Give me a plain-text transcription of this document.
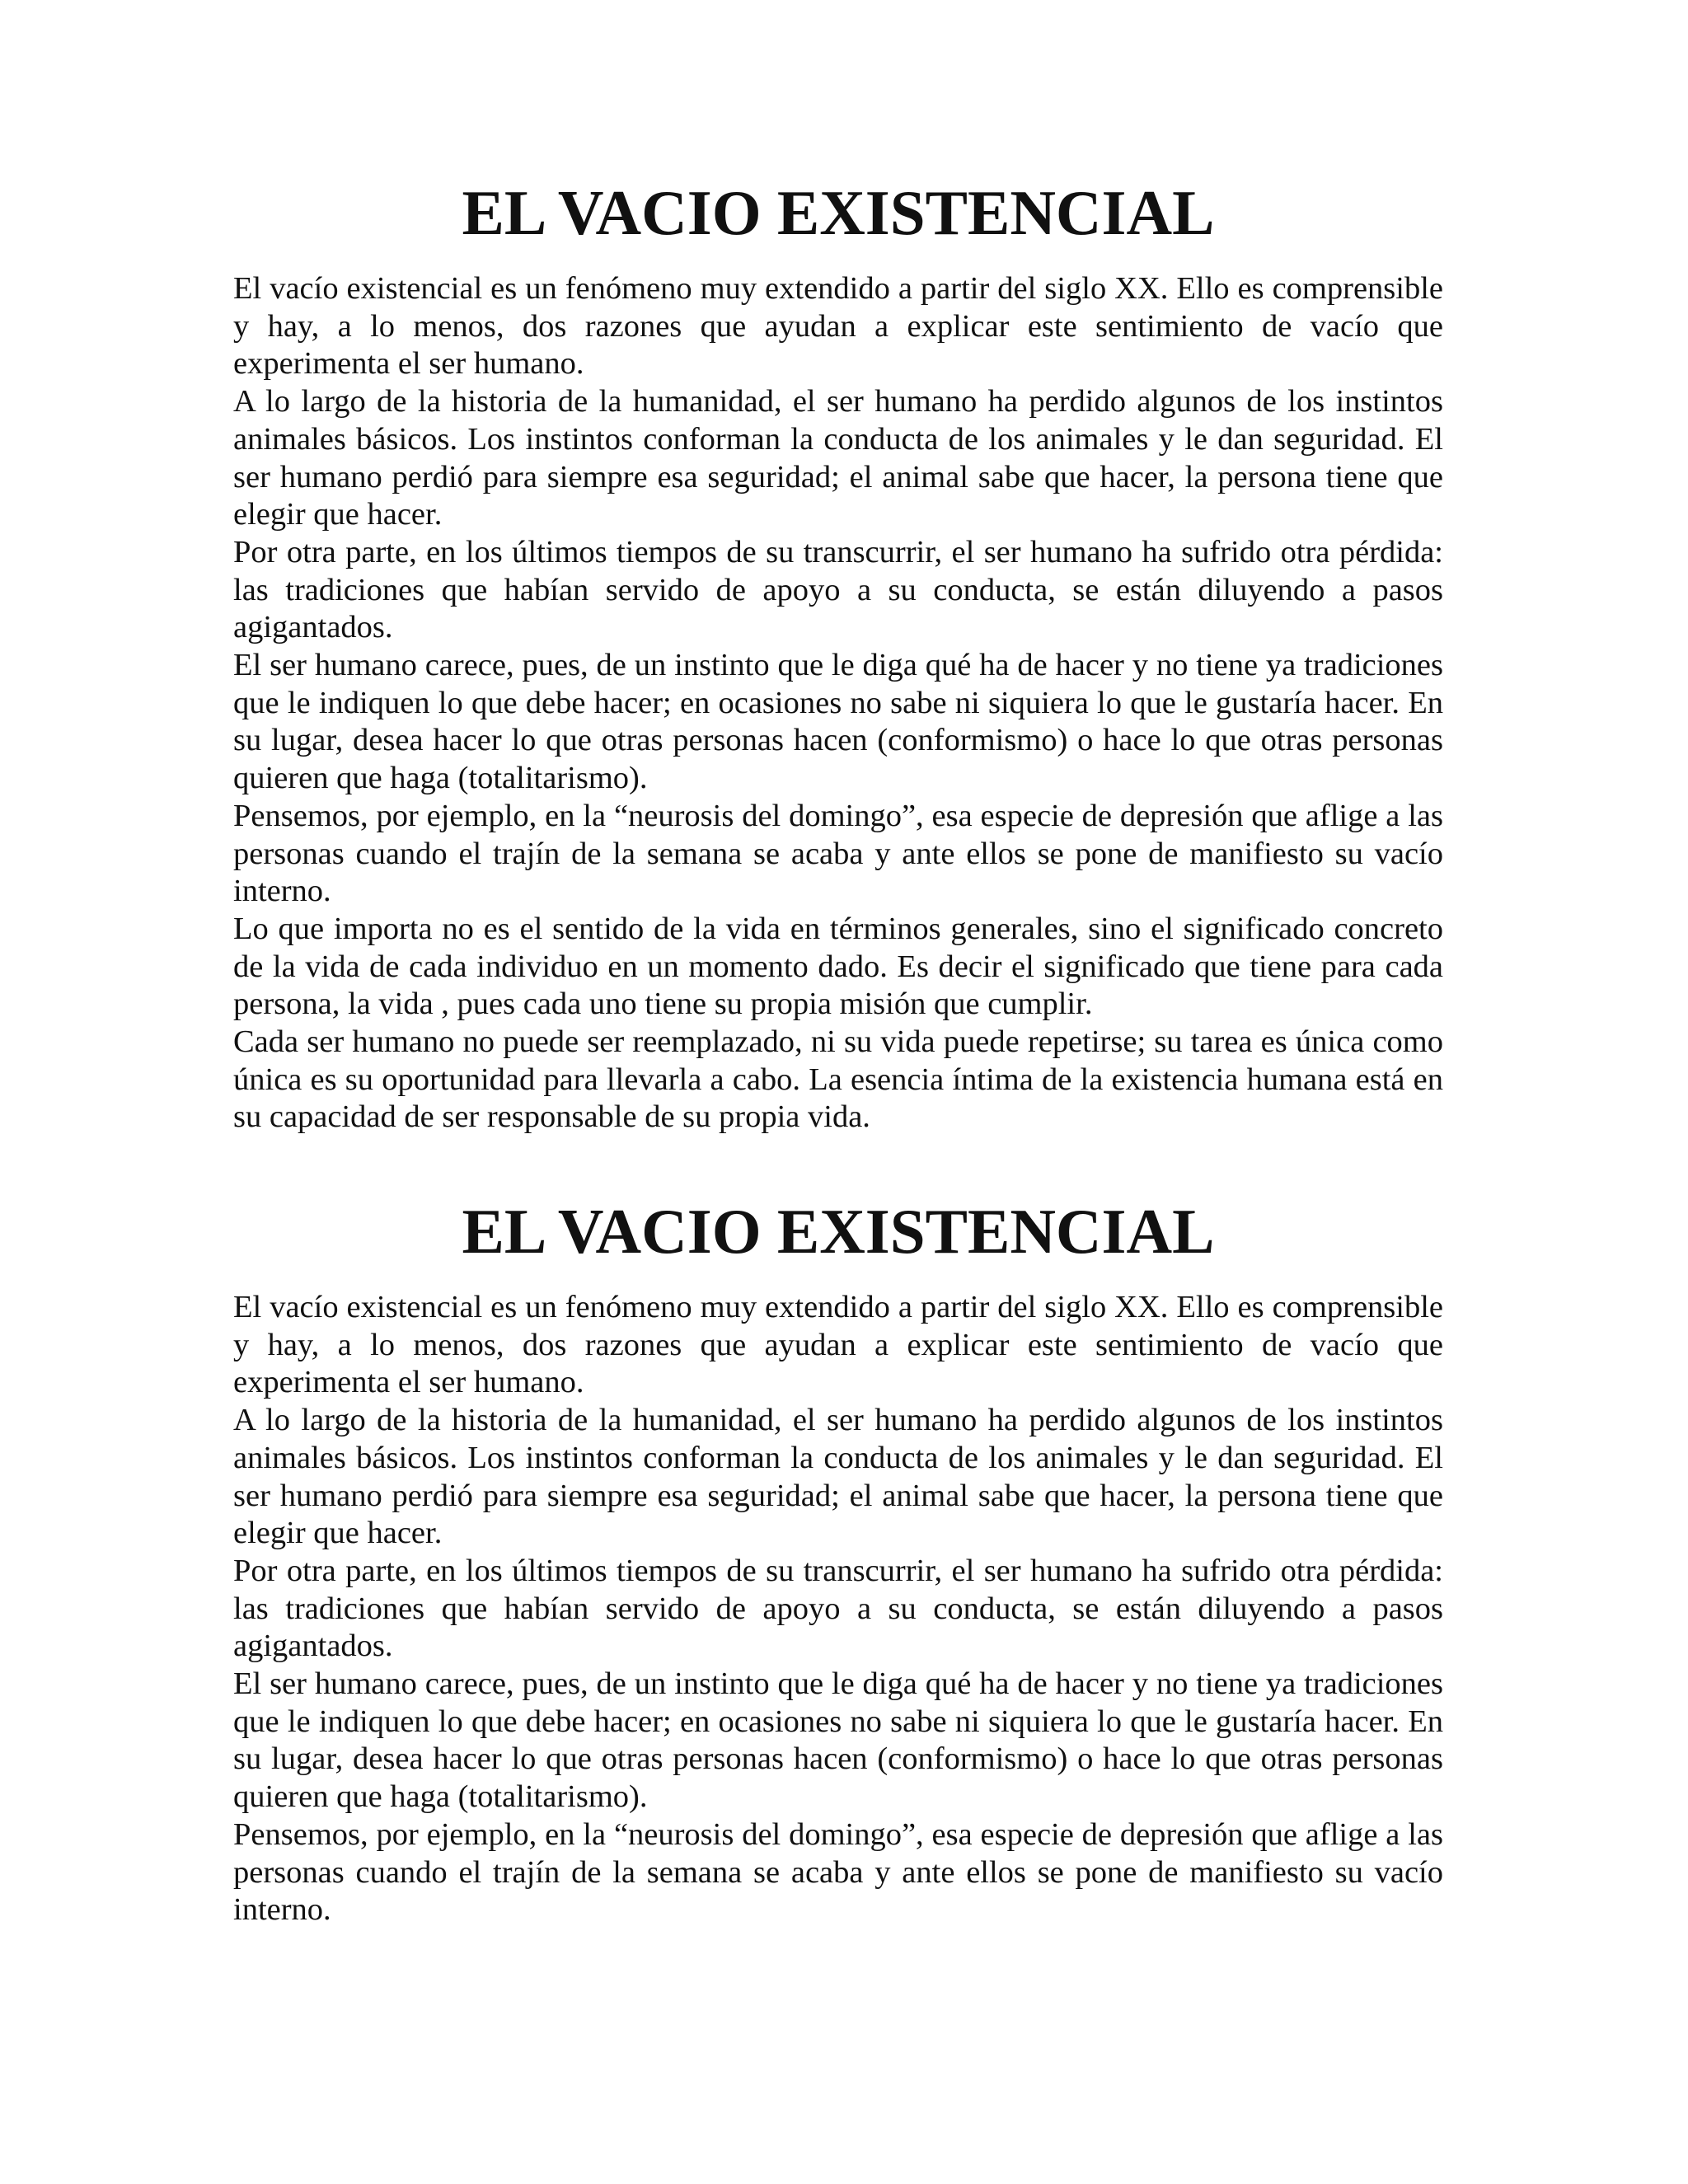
EL VACIO EXISTENCIAL

El vacío existencial es un fenómeno muy extendido a partir del siglo XX. Ello es comprensible y hay, a lo menos, dos razones que ayudan a explicar este sentimiento de vacío que experimenta el ser humano.

A lo largo de la historia de la humanidad, el ser humano ha perdido algunos de los instintos animales básicos. Los instintos conforman la conducta de los animales y le dan seguridad. El ser humano perdió para siempre esa seguridad; el animal sabe que hacer, la persona tiene que elegir que hacer.

Por otra parte, en los últimos tiempos de su transcurrir, el ser humano ha sufrido otra pérdida: las tradiciones que habían servido de apoyo a su conducta, se están diluyendo a pasos agigantados.

El ser humano carece, pues, de un instinto que le diga qué ha de hacer y no tiene ya tradiciones que le indiquen lo que debe hacer; en ocasiones no sabe ni siquiera lo que le gustaría hacer. En su lugar, desea hacer lo que otras personas hacen (conformismo) o hace lo que otras personas quieren que haga (totalitarismo).

Pensemos, por ejemplo, en la “neurosis del domingo”, esa especie de depresión que aflige a las personas cuando el trajín de la semana se acaba y ante ellos se pone de manifiesto su vacío interno.

Lo que importa no es el sentido de la vida en términos generales, sino el significado concreto de la vida de cada individuo en un momento dado. Es decir el significado que tiene para cada persona, la vida , pues cada uno tiene su propia misión que cumplir.

Cada ser humano no puede ser reemplazado, ni su vida puede repetirse; su tarea es única como única es su oportunidad para llevarla a cabo. La esencia íntima de la existencia humana está en su capacidad de ser responsable de su propia vida.

EL VACIO EXISTENCIAL

El vacío existencial es un fenómeno muy extendido a partir del siglo XX. Ello es comprensible y hay, a lo menos, dos razones que ayudan a explicar este sentimiento de vacío que experimenta el ser humano.

A lo largo de la historia de la humanidad, el ser humano ha perdido algunos de los instintos animales básicos. Los instintos conforman la conducta de los animales y le dan seguridad. El ser humano perdió para siempre esa seguridad; el animal sabe que hacer, la persona tiene que elegir que hacer.

Por otra parte, en los últimos tiempos de su transcurrir, el ser humano ha sufrido otra pérdida: las tradiciones que habían servido de apoyo a su conducta, se están diluyendo a pasos agigantados.

El ser humano carece, pues, de un instinto que le diga qué ha de hacer y no tiene ya tradiciones que le indiquen lo que debe hacer; en ocasiones no sabe ni siquiera lo que le gustaría hacer. En su lugar, desea hacer lo que otras personas hacen (conformismo) o hace lo que otras personas quieren que haga (totalitarismo).

Pensemos, por ejemplo, en la “neurosis del domingo”, esa especie de depresión que aflige a las personas cuando el trajín de la semana se acaba y ante ellos se pone de manifiesto su vacío interno.
